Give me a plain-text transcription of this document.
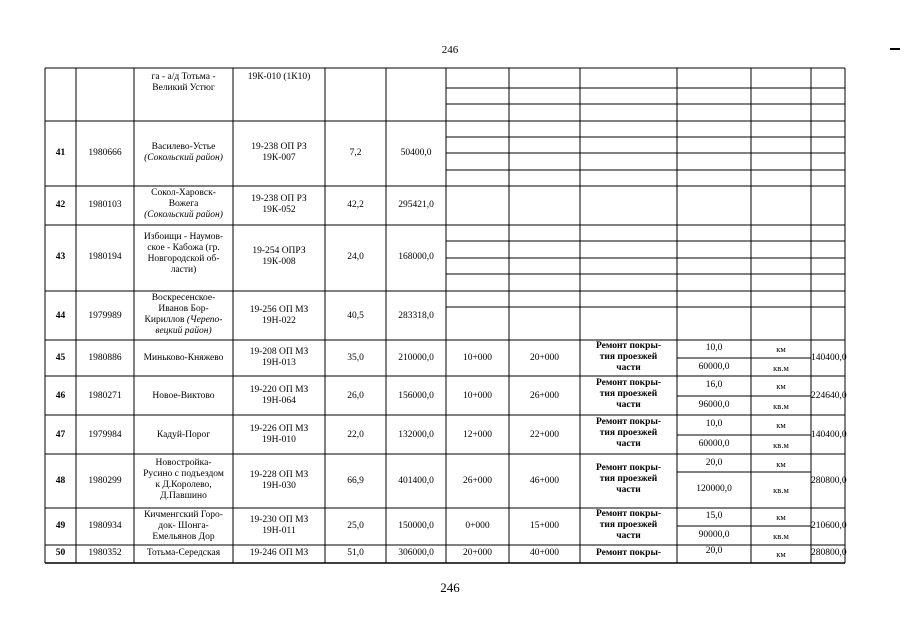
246
га - а/д Тотьма -
Великий Устюг
19К-010 (1К10)
41	1980666
Василево-Устье
(Сокольский район)
19-238 ОП РЗ
19К-007	7,2	50400,0
42	1980103
Сокол-Харовск-
Вожега
(Сокольский район)
19-238 ОП РЗ
19К-052	42,2	295421,0
43	1980194
Избоищи - Наумов-
ское - Кабожа (гр.
Новгородской об-
ласти)
19-254 ОПРЗ
19К-008	24,0	168000,0
44	1979989
Воскресенское-
Иванов Бор-
Кириллов (Черепо-
вецкий район)
19-256 ОП МЗ
19Н-022	40,5	283318,0
45	1980886	Миньково-Княжево
19-208 ОП МЗ
19Н-013	35,0	210000,0	10+000	20+000
Ремонт покры-
тия проезжей
части
10,0	км
60000,0	кв.м
140400,0
46	1980271	Новое-Виктово
19-220 ОП МЗ
19Н-064	26,0	156000,0	10+000	26+000
Ремонт покры-
тия проезжей
части
16,0	км
96000,0	кв.м
224640,0
47	1979984	Кадуй-Порог
19-226 ОП МЗ
19Н-010	22,0	132000,0	12+000	22+000
Ремонт покры-
тия проезжей
части
10,0	км
60000,0	кв.м
140400,0
48	1980299
Новостройка-
Русино с подъездом
к Д.Королево,
Д.Павшино
19-228 ОП МЗ
19Н-030	66,9	401400,0	26+000	46+000
Ремонт покры-
тия проезжей
части
20,0	км
120000,0	кв.м
280800,0
49	1980934
Кичменгский Горо-
док- Шонга-
Емельянов Дор
19-230 ОП МЗ
19Н-011	25,0	150000,0	0+000	15+000
Ремонт покры-
тия проезжей
части
15,0	км
90000,0	кв.м
210600,0
50	1980352	Тотьма-Середская	19-246 ОП МЗ	51,0	306000,0	20+000	40+000	Ремонт покры-	20,0	км	280800,0
246
